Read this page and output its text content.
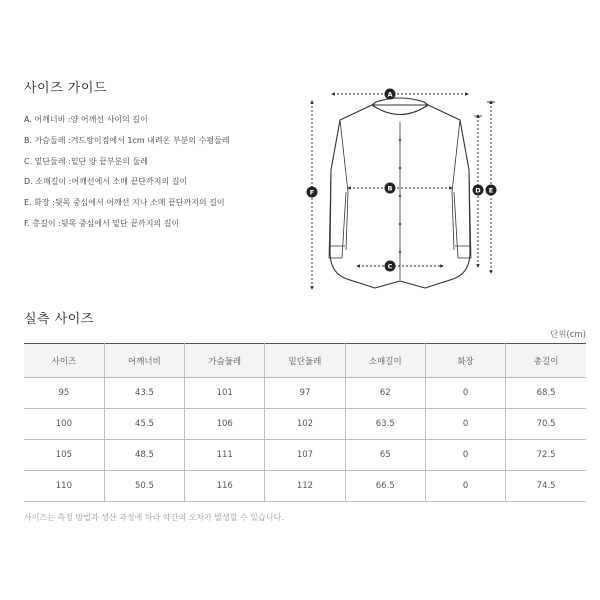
사이즈 가이드
A. 어깨너비 :양 어깨선 사이의 길이
B. 가슴둘레 :겨드랑이점에서 1cm 내려온 부분의 수평둘레
C. 밑단둘레 :밑단 양 끝부분의 둘레
D. 소매길이 :어깨선에서 소매 끝단까지의 길이
E. 화장 :뒷목 중심에서 어깨선 지나 소매 끝단까지의 길이
F. 총길이 :뒷목 중심에서 밑단 끝까지의 길이
A
B
C
D E
F
실측 사이즈
단위(cm)
사이즈	어깨너비	가슴둘레	밑단둘레	소매길이	화장	총길이
95	43.5	101	97	62	0	68.5
100	45.5	106	102	63.5	0	70.5
105	48.5	111	107	65	0	72.5
110	50.5	116	112	66.5	0	74.5
사이즈는 측정 방법과 생산 과정에 따라 약간의 오차가 발생할 수 있습니다.
